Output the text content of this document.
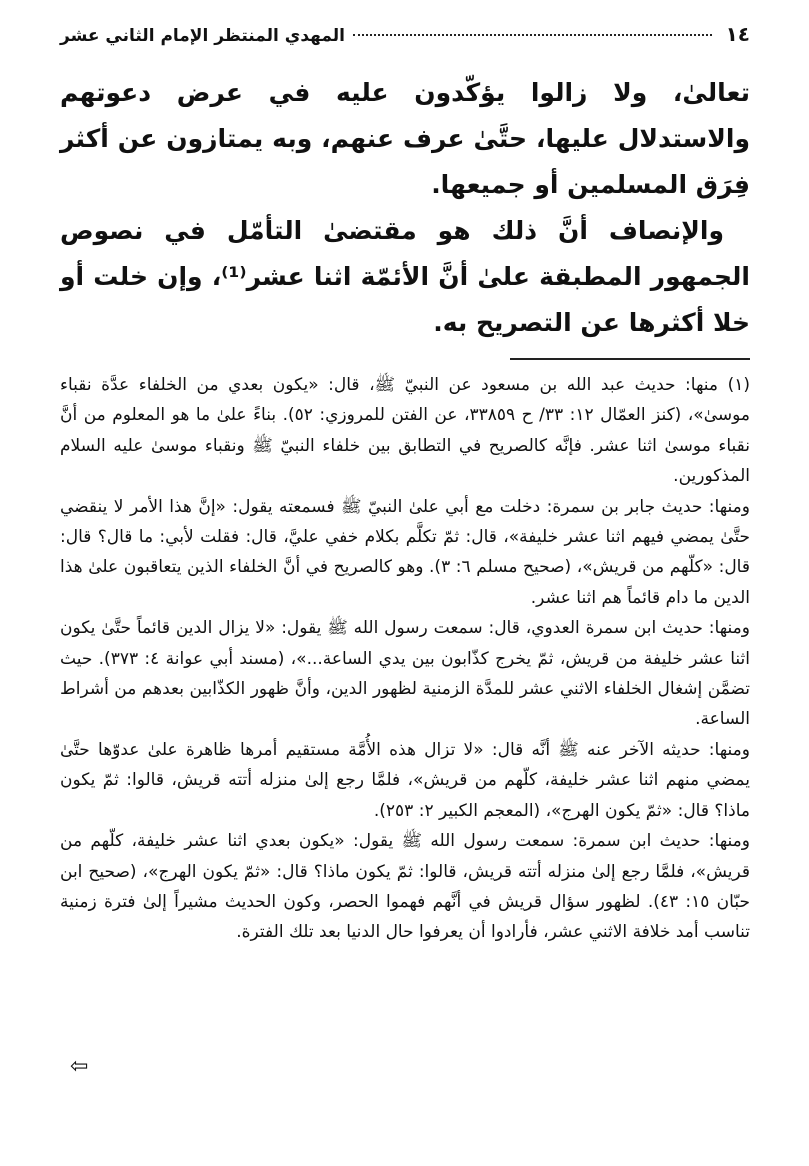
١٤
المهدي المنتظر الإمام الثاني عشر

تعالىٰ، ولا زالوا يؤكّدون عليه في عرض دعوتهم والاستدلال عليها، حتَّىٰ عرف عنهم، وبه يمتازون عن أكثر فِرَق المسلمين أو جميعها.

والإنصاف أنَّ ذلك هو مقتضىٰ التأمّل في نصوص الجمهور المطبقة علىٰ أنَّ الأئمّة اثنا عشر⁽¹⁾، وإن خلت أو خلا أكثرها عن التصريح به.

(١) منها: حديث عبد الله بن مسعود عن النبيّ ﷺ، قال: «يكون بعدي من الخلفاء عدَّة نقباء موسىٰ»، (كنز العمّال ١٢: ٣٣/ ح ٣٣٨٥٩، عن الفتن للمروزي: ٥٢). بناءً علىٰ ما هو المعلوم من أنَّ نقباء موسىٰ اثنا عشر. فإنَّه كالصريح في التطابق بين خلفاء النبيّ ﷺ ونقباء موسىٰ عليه السلام المذكورين.

ومنها: حديث جابر بن سمرة: دخلت مع أبي علىٰ النبيّ ﷺ فسمعته يقول: «إنَّ هذا الأمر لا ينقضي حتَّىٰ يمضي فيهم اثنا عشر خليفة»، قال: ثمّ تكلَّم بكلام خفي عليَّ، قال: فقلت لأبي: ما قال؟ قال: قال: «كلّهم من قريش»، (صحيح مسلم ٦: ٣). وهو كالصريح في أنَّ الخلفاء الذين يتعاقبون علىٰ هذا الدين ما دام قائماً هم اثنا عشر.

ومنها: حديث ابن سمرة العدوي، قال: سمعت رسول الله ﷺ يقول: «لا يزال الدين قائماً حتَّىٰ يكون اثنا عشر خليفة من قريش، ثمّ يخرج كذّابون بين يدي الساعة...»، (مسند أبي عوانة ٤: ٣٧٣). حيث تضمَّن إشغال الخلفاء الاثني عشر للمدَّة الزمنية لظهور الدين، وأنَّ ظهور الكذّابين بعدهم من أشراط الساعة.

ومنها: حديثه الآخر عنه ﷺ أنَّه قال: «لا تزال هذه الأُمَّة مستقيم أمرها ظاهرة علىٰ عدوّها حتَّىٰ يمضي منهم اثنا عشر خليفة، كلّهم من قريش»، فلمَّا رجع إلىٰ منزله أتته قريش، قالوا: ثمّ يكون ماذا؟ قال: «ثمّ يكون الهرج»، (المعجم الكبير ٢: ٢٥٣).

ومنها: حديث ابن سمرة: سمعت رسول الله ﷺ يقول: «يكون بعدي اثنا عشر خليفة، كلّهم من قريش»، فلمَّا رجع إلىٰ منزله أتته قريش، قالوا: ثمّ يكون ماذا؟ قال: «ثمّ يكون الهرج»، (صحيح ابن حبّان ١٥: ٤٣). لظهور سؤال قريش في أنَّهم فهموا الحصر، وكون الحديث مشيراً إلىٰ فترة زمنية تناسب أمد خلافة الاثني عشر، فأرادوا أن يعرفوا حال الدنيا بعد تلك الفترة.

⇦
